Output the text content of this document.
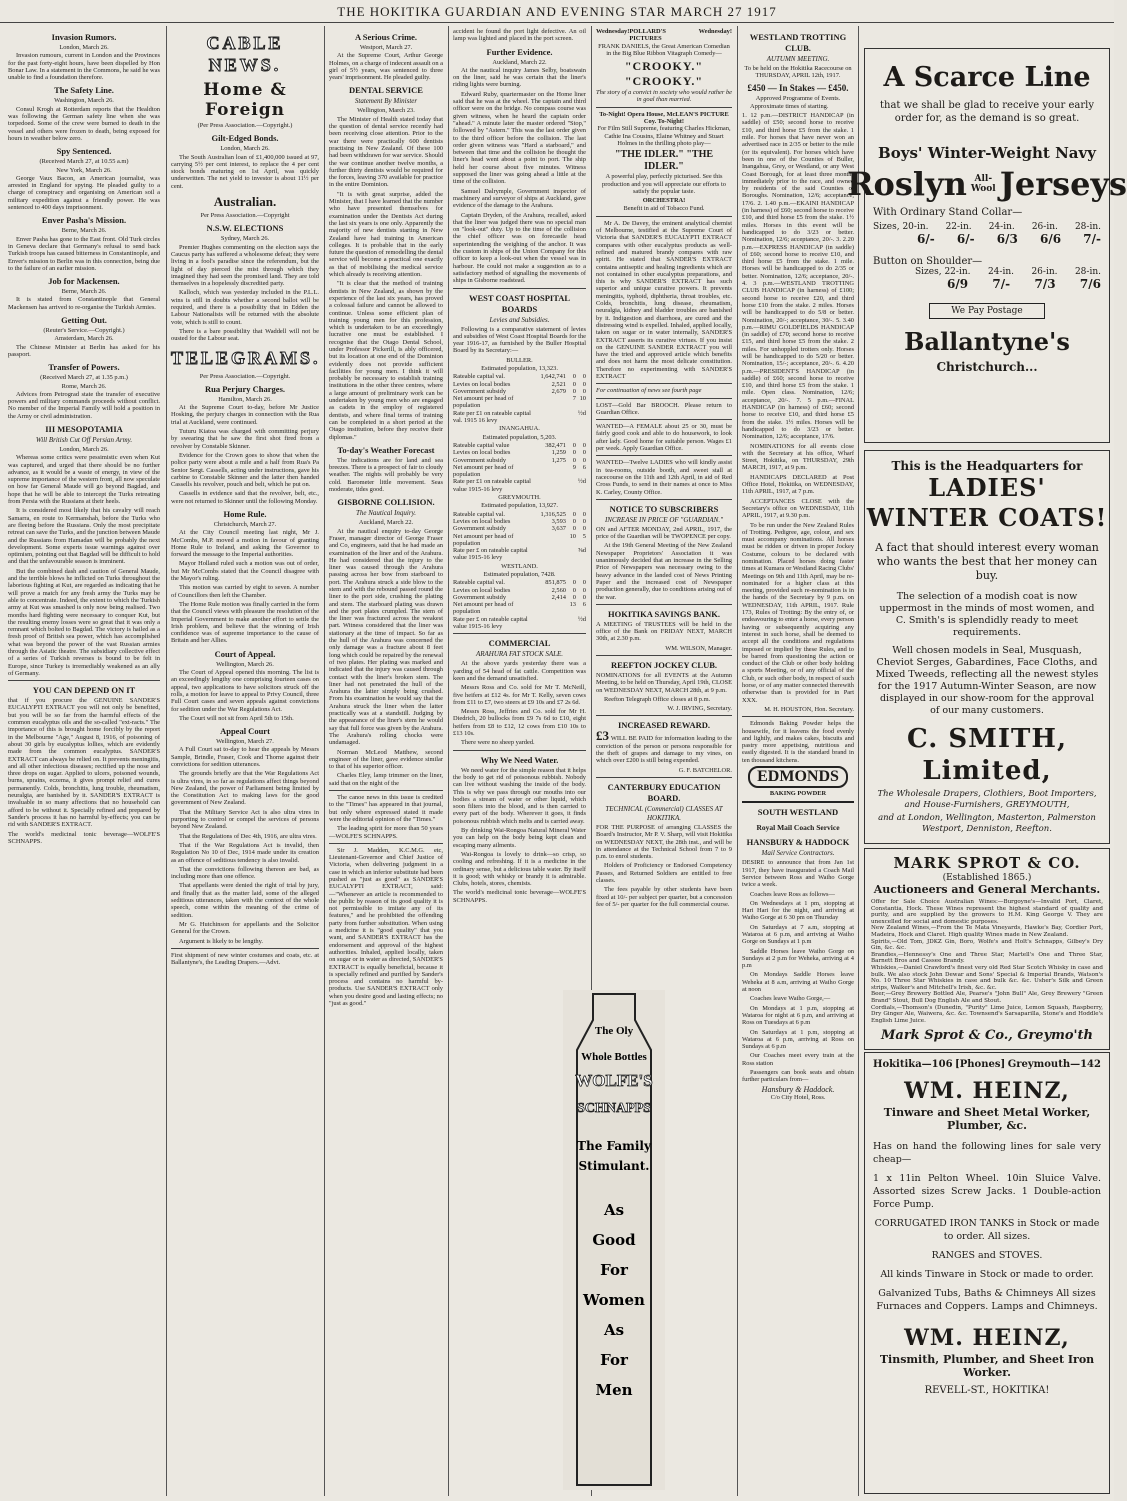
THE HOKITIKA GUARDIAN AND EVENING STAR MARCH 27 1917
Invasion Rumors.
London, March 26.

Invasion rumours, current in London and the Provinces for the past forty-eight hours, have been dispelled by Hon Bonar Law. In a statement in the Commons, he said he was unable to find a foundation therefore.

The Safety Line.
Washington, March 26.

Consul Krogh at Rotterdam reports that the Healdton was following the German safety line when she was torpedoed. Some of the crew were burned to death in the vessel and others were frozen to death, being exposed for hours in weather below zero.

Spy Sentenced.
(Received March 27, at 10.55 a.m)
New York, March 26.

George Vaux Bacon, an American journalist, was arrested in England for spying. He pleaded guilty to a charge of conspiracy and organising on American soil a military expedition against a friendly power. He was sentenced to 400 days imprisonment.

Enver Pasha's Mission.
Berne, March 26.

Enver Pasha has gone to the East front. Old Turk circles in Geneva declare that Germany's refusal to send back Turkish troops has caused bitterness in Constantinople, and Enver's mission to Berlin was in this connection, being due to the failure of an earlier mission.

Job for Mackensen.
Berne, March 26.

It is stated from Constantinople that General Mackensen has arrived to re-organise the Turkish Armies.

Getting Out.
(Reuter's Service.—Copyright.)
Amsterdam, March 26.

The Chinese Minister at Berlin has asked for his passport.

Transfer of Powers.
(Received March 27, at 1.35 p.m.)
Rome, March 26.

Advices from Petrograd state the transfer of executive powers and military commands proceeds without conflict. No member of the Imperial Family will hold a position in the Army or civil administration.

III MESOPOTAMIA
Will British Cut Off Persian Army.
London, March 26.

Whereas some critics were pessimistic even when Kut was captured, and urged that there should be no further advance, as it would be a waste of energy, in view of the supreme importance of the western front, all now speculate on how far General Maude will go beyond Bagdad, and hope that he will be able to intercept the Turks retreating from Persia with the Russians at their heels.

It is considered most likely that his cavalry will reach Samarra, en route to Kermanshah, before the Turks who are fleeing before the Russians. Only the most precipitate retreat can save the Turks, and the junction between Maude and the Russians from Hamadan will be probably the next development. Some experts issue warnings against over optimism, pointing out that Bagdad will be difficult to hold and that the unfavourable season is imminent.

But the combined dash and caution of General Maude, and the terrible blows he inflicted on Turks throughout the laborious fighting at Kut, are regarded as indicating that he will prove a match for any fresh army the Turks may be able to concentrate. Indeed, the extent to which the Turkish army at Kut was smashed is only now being realised. Two months hard fighting were necessary to conquer Kut, but the resulting enemy losses were so great that it was only a remnant which bolted to Bagdad. The victory is hailed as a fresh proof of British sea power, which has accomplished what was beyond the power of the vast Russian armies through the Asiatic theatre. The subsidiary collective effect of a series of Turkish reverses is bound to be felt in Europe, since Turkey is irremediably weakened as an ally of Germany.

YOU CAN DEPEND ON IT

that if you procure the GENUINE SANDER'S EUCALYPTI EXTRACT you will not only be benefited, but you will be so far from the harmful effects of the common eucalyptus oils and the so-called "ext-racts." The importance of this is brought home forcibly by the report in the Melbourne "Age," August 8, 1916, of poisoning of about 30 girls by eucalyptus lollies, which are evidently made from the common eucalyptus. SANDER'S EXTRACT can always be relied on. It prevents meningitis, and all other infectious diseases; rectified up the nose and three drops on sugar. Applied to ulcers, poisoned wounds, burns, sprains, eczema, it gives prompt relief and cures permanently. Colds, bronchitis, lung trouble, rheumatism, neuralgia, are banished by it. SANDER'S EXTRACT is invaluable in so many affections that no household can afford to be without it. Specially refined and prepared by Sander's process it has no harmful by-effects; you can be rid with SANDER'S EXTRACT.

The world's medicinal tonic beverage—WOLFE'S SCHNAPPS.

CABLE NEWS.
Home & Foreign
(Per Press Association.—Copyright.)
Gilt-Edged Bonds.
London, March 26.

The South Australian loan of £1,400,000 issued at 97, carrying 5½ per cent interest, to replace the 4 per cent stock bonds maturing on 1st April, was quickly underwritten. The net yield to investor is about 11½ per cent.

Australian.
Per Press Association.—Copyright
N.S.W. ELECTIONS
Sydney, March 26.

Premier Hughes commenting on the election says the Caucus party has suffered a wholesome defeat; they were living in a fool's paradise since the referendum, but the light of day pierced the mist through which they imagined they had seen the promised land. They are told themselves in a hopelessly discredited party.

Kalloch, which was yesterday included in the P.L.L. wins is still in doubts whether a second ballot will be required, and there is a possibility that in Edden the Labour Nationalists will be returned with the absolute vote, which is still to count.

There is a bare possibility that Waddell will not be ousted for the Labour seat.

TELEGRAMS.
Per Press Association.—Copyright.
Rua Perjury Charges.
Hamilton, March 26.

At the Supreme Court to-day, before Mr Justice Hosking, the perjury charges in connection with the Rua trial at Auckland, were continued.

Tuturu Kiatoa was charged with committing perjury by swearing that he saw the first shot fired from a revolver by Constable Skinner.

Evidence for the Crown goes to show that when the police party were about a mile and a half from Rua's Pa Senior Sergt. Cassells, acting under instructions, gave his carbine to Constable Skinner and the latter then handed Cassells his revolver, pouch and belt, which he put on.

Cassells in evidence said that the revolver, belt, etc., were not returned to Skinner until the following Monday.

Home Rule.
Christchurch, March 27.

At the City Council meeting last night, Mr J. McCombs, M.P. moved a motion in favour of granting Home Rule to Ireland, and asking the Governor to forward the message to the Imperial authorities.

Mayor Holland ruled such a motion was out of order, but Mr McCombs stated that the Council disagree with the Mayor's ruling.

This motion was carried by eight to seven. A number of Councillors then left the Chamber.

The Home Rule motion was finally carried in the form that the Council views with pleasure the resolution of the Imperial Government to make another effort to settle the Irish problem, and believe that the winning of Irish confidence was of supreme importance to the cause of Britain and her Allies.

Court of Appeal.
Wellington, March 26.

The Court of Appeal opened this morning. The list is an exceedingly lengthy one comprising fourteen cases on appeal, two applications to have solicitors struck off the rolls, a motion for leave to appeal to Privy Council, three Full Court cases and seven appeals against convictions for sedition under the War Regulations Act.

The Court will not sit from April 5th to 15th.

Appeal Court
Wellington, March 27.

A Full Court sat to-day to hear the appeals by Messrs Sample, Brindle, Fraser, Cook and Thorne against their convictions for sedition utterances.

The grounds briefly are that the War Regulations Act is ultra vires, in so far as regulations affect things beyond New Zealand, the power of Parliament being limited by the Constitution Act to making laws for the good government of New Zealand.

That the Military Service Act is also ultra vires in purporting to control or compel the services of persons beyond New Zealand.

That the Regulations of Dec 4th, 1916, are ultra vires.

That if the War Regulations Act is invalid, then Regulation No 10 of Dec, 1914 made under its creation as an offence of seditious tendency is also invalid.

That the convictions following thereon are bad, as including more than one offence.

That appellants were denied the right of trial by jury, and finally that as the matter laid, some of the alleged seditious utterances, taken with the context of the whole speech, come within the meaning of the crime of sedition.

Mr G. Hutchinson for appellants and the Solicitor General for the Crown.

Argument is likely to be lengthy.

First shipment of new winter costumes and coats, etc. at Ballantyne's, the Leading Drapers.—Advt.

A Serious Crime.
Westport, March 27.

At the Supreme Court, Arthur George Holmes, on a charge of indecent assault on a girl of 5½ years, was sentenced to three years' imprisonment. He pleaded guilty.

DENTAL SERVICE
Statement By Minister
Wellington, March 23.

The Minister of Health stated today that the question of dental service recently had been receiving close attention. Prior to the war there were practically 600 dentists practising in New Zealand. Of these 100 had been withdrawn for war service. Should the war continue another twelve months, a further thirty dentists would be required for the forces, leaving 370 available for practice in the entire Dominion.

"It is with great surprise, added the Minister, that I have learned that the number who have presented themselves for examination under the Dentists Act during the last six years is one only. Apparently the majority of new dentists starting in New Zealand have had training in American colleges. It is probable that in the early future the question of remodelling the dental service will become a practical one exactly as that of mobilising the medical service which already is receiving attention.

"It is clear that the method of training dentists in New Zealand, as shown by the experience of the last six years, has proved a colossal failure and cannot be allowed to continue. Unless some efficient plan of training young men for this profession, which is undertaken to be an exceedingly lucrative one must be established. I recognise that the Otago Dental School, under Professor Pickerill, is ably officered, but its location at one end of the Dominion evidently does not provide sufficient facilities for young men. I think it will probably be necessary to establish training institutions in the other three centres, where a large amount of preliminary work can be undertaken by young men who are engaged as cadets in the employ of registered dentists, and where final terms of training can be completed in a short period at the Otago institution, before they receive their diplomas."

To-day's Weather Forecast

The indications are for land and sea breezes. There is a prospect of fair to cloudy weather. The nights will probably be very cold. Barometer little movement. Seas moderate, tides good.

GISBORNE COLLISION.
The Nautical Inquiry.
Auckland, March 22.

At the nautical enquiry to-day George Fraser, manager director of George Fraser and Co, engineers, said that he had made an examination of the liner and of the Arahura. He had considered that the injury to the liner was caused through the Arahura passing across her bow from starboard to port. The Arahura struck a side blow to the stem and with the rebound passed round the liner to the port side, crushing the plating and stem. The starboard plating was drawn and the port plates crumpled. The stem of the liner was fractured across the weakest part. Witness considered that the liner was stationary at the time of impact. So far as the hull of the Arahura was concerned the only damage was a fracture about 8 feet long which could be repaired by the renewal of two plates. Her plating was marked and indicated that the injury was caused through contact with the liner's broken stem. The liner had not penetrated the hull of the Arahura the latter simply being crushed. From his examination he would say that the Arahura struck the liner when the latter practically was at a standstill. Judging by the appearance of the liner's stem he would say that full force was given by the Arahura. The Arahura's rolling chocks were undamaged.

Norman McLeod Matthew, second engineer of the liner, gave evidence similar to that of his superior officer.

Charles Eley, lamp trimmer on the liner, said that on the night of the

The canoe news in this issue is credited to the "Times" has appeared in that journal, but only where expressed stated it made were the editorial opinion of the "Times."

The leading spirit for more than 50 years—WOLFE'S SCHNAPPS.

Sir J. Madden, K.C.M.G. etc, Lieutenant-Governor and Chief Justice of Victoria, when delivering judgment in a case in which an inferior substitute had been pushed as "just as good" as SANDER'S EUCALYPTI EXTRACT, said:—"Whenever an article is recommended to the public by reason of its good quality it is not permissible to imitate any of its features," and he prohibited the offending party from further substitution. When using a medicine it is "good quality" that you want, and SANDER'S EXTRACT has the endorsement and approval of the highest authorities. Inhaled, applied locally, taken on sugar or in water as directed, SANDER'S EXTRACT is equally beneficial, because it is specially refined and purified by Sander's process and contains no harmful by-products. Use SANDER'S EXTRACT only when you desire good and lasting effects; no "just as good."

accident he found the port light defective. An oil lamp was lighted and placed in the port screen.

Further Evidence.
Auckland, March 22.

At the nautical inquiry James Selby, boatswain on the liner, said he was certain that the liner's riding lights were burning.

Edward Ruby, quartermaster on the Home liner said that he was at the wheel. The captain and third officer were on the bridge. No compass course was given witness, when he heard the captain order "ahead." A minute later the master ordered "Stop," followed by "Astern." This was the last order given to the third officer before the collision. The last order given witness was "Hard a starboard," and between that time and the collision he thought the liner's head went about a point to port. The ship held her course about five minutes. Witness supposed the liner was going ahead a little at the time of the collision.

Samuel Dalrymple, Government inspector of machinery and surveyor of ships at Auckland, gave evidence of the damage to the Arahura.

Captain Dryden, of the Arahura, recalled, asked that the liner was judged there was no special man on "look-out" duty. Up to the time of the collision the chief officer was on forecastle head superintending the weighing of the anchor. It was the custom in ships of the Union Company for this officer to keep a look-out when the vessel was in harbour. He could not make a suggestion as to a satisfactory method of signalling the movements of ships in Gisborne roadstead.

WEST COAST HOSPITAL BOARDS
Levies and Subsidies.

Following is a comparative statement of levies and subsidies of West Coast Hospital Boards for the year 1916-17, as furnished by the Buller Hospital Board by its Secretary:—

BULLER.
Estimated population, 13,323.
Rateable capital val.	1,642,741	0	0
Levies on local bodies	2,521	0	0
Government subsidy	2,679	0	0
Net amount per head of population
7 10
Rate per £1 on rateable capital val. 1915 16 levy
½d
INANGAHUA.
Estimated population, 5,203.
Rateable capital value	382,471	0	0
Levies on local bodies	1,259	0	0
Government subsidy	1,275	0	0
Net amount per head of population
9	6
Rate per £1 on rateable capital value 1915-16 levy
½d
GREYMOUTH.
Estimated population, 13,927.
Rateable capital val.	1,316,525	0	0
Levies on local bodies	3,593	0	0
Government subsidy	3,637	0	0
Net amount per head of population
10	5
Rate per £ on rateable capital value 1915-16 levy
⅝d
WESTLAND.
Estimated population, 7428.
Rateable capital val.	851,875	0	0
Levies on local bodies	2,560	0	0
Government subsidy	2,414	0	0
Net amount per head of population
13	6
Rate per £ on rateable capital value 1915-16 levy
½d
COMMERCIAL
ARAHURA FAT STOCK SALE.

At the above yards yesterday there was a yarding of 54 head of fat cattle. Competition was keen and the demand unsatisfied.

Messrs Ross and Co. sold for Mr T. McNeill, five heifers at £12 4s. for Mr T. Kelly, seven cows from £11 to £7, two steers at £9 10s and £7 2s 6d.

Messrs Ross, Jeffries and Co. sold for Mr H. Diedrich, 20 bullocks from £9 7s 6d to £10, eight heifers from £8 to £12, 12 cows from £10 10s to £13 10s.

There were no sheep yarded.

Why We Need Water.

We need water for the simple reason that it helps the body to get rid of poisonous rubbish. Nobody can live without washing the inside of the body. This is why we pass through our mouths into our bodies a stream of water or other liquid, which soon filters into the blood, and is then carried to every part of the body. Wherever it goes, it finds poisonous rubbish which melts and is carried away.

By drinking Wai-Rongoa Natural Mineral Water you can help on the body being kept clean and escaping many ailments.

Wai-Rongoa is lovely to drink—so crisp, so cooling and refreshing. If it is a medicine in the ordinary sense, but a delicious table water. By itself it is good; with whisky or brandy it is admirable. Clubs, hotels, stores, chemists.

The world's medicinal tonic beverage—WOLFE'S SCHNAPPS.

Wednesday! POLLARD'S PICTURES
Wednesday!

FRANK DANIELS, the Great American Comedian in the Big Blue Ribbon Vitagraph Comedy—

"CROOKY." "CROOKY."

The story of a convict in society who would rather be in goal than married.

To-Night! Opera House, McLEAN'S PICTURE Coy. To-Night!

For Film Still Supreme, featuring Charles Hickman, Cathie Ina Cousins, Elaine Whitney and Stuart Holmes in the thrilling photo play—

"THE IDLER." "THE IDLER."

A powerful play, perfectly picturised. See this production and you will appreciate our efforts to satisfy the popular taste.

ORCHESTRA!
Benefit in aid of Tobacco Fund.

Mr A. De Davey, the eminent analytical chemist of Melbourne, testified at the Supreme Court of Victoria that SANDER'S EUCALYPTI EXTRACT compares with other eucalyptus products as well-refined and matured brandy compares with raw spirit. He stated that SANDER'S EXTRACT contains antiseptic and healing ingredients which are not contained in other eucalyptus preparations, and this is why SANDER'S EXTRACT has such superior and unique curative powers. It prevents meningitis, typhoid, diphtheria, throat troubles, etc. Colds, bronchitis, lung disease, rheumatism, neuralgia, kidney and bladder troubles are banished by it. Indigestion and diarrhoea, are cured and the distressing wind is expelled. Inhaled, applied locally, taken on sugar or in water internally, SANDER'S EXTRACT asserts its curative virtues. If you insist on the GENUINE SANDER EXTRACT you will have the tried and approved article which benefits and does not harm the most delicate constitution. Therefore no experimenting with SANDER'S EXTRACT

For continuation of news see fourth page

LOST—Gold Bar BROOCH. Please return to Guardian Office.

WANTED—A FEMALE about 25 or 30, must be fairly good cook and able to do housework, to look after lady. Good home for suitable person. Wages £1 per week. Apply Guardian Office.

WANTED—Twelve LADIES who will kindly assist in tea-rooms, outside booth, and sweet stall at racecourse on the 11th and 12th April, in aid of Red Cross Funds, to send in their names at once to Miss K. Carley, County Office.

NOTICE TO SUBSCRIBERS
INCREASE IN PRICE OF "GUARDIAN."

ON and AFTER MONDAY, 2nd APRIL, 1917, the price of the Guardian will be TWOPENCE per copy.

At the 19th General Meeting of the New Zealand Newspaper Proprietors' Association it was unanimously decided that an increase in the Selling Price of Newspapers was necessary owing to the heavy advance in the landed cost of News Printing Paper and the increased cost of Newspaper production generally, due to conditions arising out of the war.

HOKITIKA SAVINGS BANK.

A MEETING of TRUSTEES will be held in the office of the Bank on FRIDAY NEXT, MARCH 30th, at 2.30 p.m.

WM. WILSON, Manager.
REEFTON JOCKEY CLUB.

NOMINATIONS for all EVENTS at the Autumn Meeting, to be held on Thursday, April 19th, CLOSE on WEDNESDAY NEXT, MARCH 28th, at 9 p.m.

Reefton Telegraph Office closes at 8 p.m.

W. J. IRVING, Secretary.
INCREASED REWARD.

£3 WILL BE PAID for information leading to the conviction of the person or persons responsible for the theft of grapes and damage to my vines, on which over £200 is still being expended.

G. F. BATCHELOR.
CANTERBURY EDUCATION BOARD.
TECHNICAL (Commercial) CLASSES AT HOKITIKA.

FOR THE PURPOSE of arranging CLASSES the Board's Instructor, Mr P. V. Sharp, will visit Hokitika on WEDNESDAY NEXT, the 28th inst., and will be in attendance at the Technical School from 7 to 9 p.m. to enrol students.

Holders of Proficiency or Endorsed Competency Passes, and Returned Soldiers are entitled to free classes.

The fees payable by other students have been fixed at 10/- per subject per quarter, but a concession fee of 5/- per quarter for the full commercial course.

The Oly
Whole Bottles
WOLFE'S
SCHNAPPS
The Family
Stimulant.
As
Good
For
Women
As
For
Men
WESTLAND TROTTING CLUB.
AUTUMN MEETING.

To be held on the Hokitika Racecourse on THURSDAY, APRIL 12th, 1917.

£450 — In Stakes — £450.
Approved Programme of Events.

Approximate times of starting.

1. 12 p.m.—DISTRICT HANDICAP (in saddle) of £50; second horse to receive £10, and third horse £5 from the stake. 1 mile. For horses that have never won an advertised race in 2/35 or better to the mile (or its equivalent). For horses which have been in one of the Counties of Buller, Inangahua, Grey, or Westland, or any West Coast Borough, for at least three months immediately prior to the race, and owned by residents of the said Counties or Boroughs. Nomination, 12/6; acceptance, 17/6. 2. 1.40 p.m.—EKAINI HANDICAP (in harness) of £60; second horse to receive £10, and third horse £5 from the stake. 1½ miles. Horses in this event will be handicapped to do 3/23 or better. Nomination, 12/6; acceptance, 20/-. 3. 2.20 p.m.—EXPRESS HANDICAP (in saddle) of £60; second horse to receive £10, and third horse £5 from the stake. 1 mile. Horses will be handicapped to do 2/35 or better. Nomination, 12/6; acceptance, 20/-. 4. 3 p.m.—WESTLAND TROTTING CLUB HANDICAP (in harness) of £100; second horse to receive £20, and third horse £10 from the stake. 2 miles. Horses will be handicapped to do 5/8 or better. Nomination, 20/-; acceptance, 30/-. 5. 3.40 p.m.—RIMU GOLDFIELDS HANDICAP (in saddle) of £70; second horse to receive £15, and third horse £5 from the stake. 2 miles. For unhoppled trotters only. Horses will be handicapped to do 5/20 or better. Nomination, 15/-; acceptance, 20/-. 6. 4.20 p.m.—PRESIDENT'S HANDICAP (in saddle) of £60; second horse to receive £10, and third horse £5 from the stake. 1 mile. Open class. Nomination, 12/6; acceptance, 20/-. 7. 5 p.m.—FINAL HANDICAP (in harness) of £60; second horse to receive £10, and third horse £5 from the stake. 1½ miles. Horses will be handicapped to do 3/23 or better. Nomination, 12/6; acceptance, 17/6.

NOMINATIONS for all events close with the Secretary at his office, Wharf Street, Hokitika, on THURSDAY, 29th MARCH, 1917, at 9 p.m.

HANDICAPS DECLARED at Post Office Hotel, Hokitika, on WEDNESDAY, 11th APRIL, 1917, at 7 p.m.

ACCEPTANCES CLOSE with the Secretary's office on WEDNESDAY, 11th APRIL, 1917, at 9.30 p.m.

To be run under the New Zealand Rules of Trotting. Pedigree, age, colour, and sex must accompany nominations. All horses must be ridden or driven in proper Jockey Costume, colours to be declared with nomination. Placed horses doing faster times at Kumara or Westland Racing Clubs' Meetings on 9th and 11th April, may be re-nominated for a higher class at this meeting, provided such re-nomination is in the hands of the Secretary by 9 p.m. on WEDNESDAY, 11th APRIL, 1917. Rule 173, Rules of Trotting: By the entry of, or endeavouring to enter a horse, every person having or subsequently acquiring any interest in such horse, shall be deemed to accept all the conditions and regulations imposed or implied by these Rules, and to be barred from questioning the action or conduct of the Club or other body holding a sports Meeting, or of any official of the Club, or such other body, in respect of such horse, or of any matter connected therewith otherwise than is provided for in Part XXX.

M. H. HOUSTON, Hon. Secretary.

Edmonds Baking Powder helps the housewife, for it leavens the food evenly and lightly, and makes cakes, biscuits and pastry more appetising, nutritious and easily digested. It is the standard brand in ten thousand kitchens.

EDMONDS
BAKING POWDER
SOUTH WESTLAND
Royal Mail Coach Service
HANSBURY & HADDOCK
Mail Service Contractors.

DESIRE to announce that from Jan 1st 1917, they have inaugurated a Coach Mail Service between Ross and Waiho Gorge twice a week.

Coaches leave Ross as follows—

On Wednesdays at 1 pm, stopping at Hari Hari for the night, and arriving at Waiho Gorge at 6 30 pm on Thursday

On Saturdays at 7 a.m, stopping at Wataroa at 6 p.m, and arriving at Waiho Gorge on Sundays at 1 p.m

Saddle Horses leave Waiho Gorge on Sundays at 2 p.m for Weheka, arriving at 4 p.m

On Mondays Saddle Horses leave Weheka at 8 a.m, arriving at Waiho Gorge at noon

Coaches leave Waiho Gorge,—

On Mondays at 1 p.m, stopping at Wataroa for night at 6 p.m, and arriving at Ross on Tuesdays at 6 p.m

On Saturdays at 1 p.m, stopping at Wataroa at 6 p.m, arriving at Ross on Sundays at 6 p.m

Our Coaches meet every train at the Ross station

Passengers can book seats and obtain further particulars from—

Hansbury & Haddock.
C/o City Hotel, Ross.
A Scarce Line
that we shall be glad to receive your early order for, as the demand is so great.
Boys' Winter-Weight Navy
Roslyn All-Wool Jerseys
With Ordinary Stand Collar—
Sizes, 20-in. 22-in. 24-in. 26-in. 28-in.
6/- 6/- 6/3 6/6 7/-
Button on Shoulder—
Sizes, 22-in. 24-in. 26-in. 28-in.
6/9 7/- 7/3 7/6
We Pay Postage
Ballantyne's Christchurch...
This is the Headquarters for
LADIES'
WINTER COATS!
A fact that should interest every woman who wants the best that her money can buy.
The selection of a modish coat is now uppermost in the minds of most women, and C. Smith's is splendidly ready to meet requirements.
Well chosen models in Seal, Musquash, Cheviot Serges, Gabardines, Face Cloths, and Mixed Tweeds, reflecting all the newest styles for the 1917 Autumn-Winter Season, are now displayed in our show-room for the approval of our many customers.
C. SMITH, Limited,
The Wholesale Drapers, Clothiers, Boot Importers, and House-Furnishers, GREYMOUTH,
and at London, Wellington, Masterton, Palmerston Westport, Denniston, Reefton.
MARK SPROT & CO.
(Established 1865.)
Auctioneers and General Merchants.
Offer for Sale Choice Australian Wines:—Burgoyne's—Invalid Port, Claret, Constantia, Hock. These Wines represent the highest standard of quality and purity, and are supplied by the growers to H.M. King George V. They are unexcelled for social and domestic purposes.
New Zealand Wines,—From the Te Mata Vineyards, Hawke's Bay, Cordier Port, Madeira, Hock and Claret. High quality Wines made in New Zealand.
Spirits,—Old Tom, JDKZ Gin, Boro, Wolfe's and Holt's Schnapps, Gilbey's Dry Gin, &c. &c.
Brandies,—Hennessy's One and Three Star, Martell's One and Three Star, Barnett Bros and Cassee Brandy.
Whiskies,—Daniel Crawford's finest very old Red Star Scotch Whisky in case and bulk. We also stock John Dewar and Sons' Special & Imperial Brands, Watson's No. 10 Three Star Whiskies in case and bulk &c. &c. Usher's Silk and Green strips, Walker's and Mitchell's Irish, &c. &c.
Beer,—Grey Brewery Bottled Ale, Pearse's "John Bull" Ale, Grey Brewery "Green Brand" Stout, Bull Dog English Ale and Stout.
Cordials,—Thomson's (Dunedin, "Purity" Lime Juice, Lemon Squash, Raspberry, Dry Ginger Ale, Waiwera, &c. &c. Townsend's Sarsaparilla, Stone's and Hoddle's English Lime Juice.
Mark Sprot & Co., Greymo'th
Hokitika—106 [Phones] Greymouth—142
WM. HEINZ,
Tinware and Sheet Metal Worker, Plumber, &c.
Has on hand the following lines for sale very cheap—
1 x 11in Pelton Wheel. 10in Sluice Valve. Assorted sizes Screw Jacks. 1 Double-action Force Pump.
CORRUGATED IRON TANKS in Stock or made to order. All sizes.
RANGES and STOVES.
All kinds Tinware in Stock or made to order.
Galvanized Tubs, Baths & Chimneys All sizes Furnaces and Coppers. Lamps and Chimneys.
WM. HEINZ,
Tinsmith, Plumber, and Sheet Iron Worker.
REVELL-ST., HOKITIKA!
